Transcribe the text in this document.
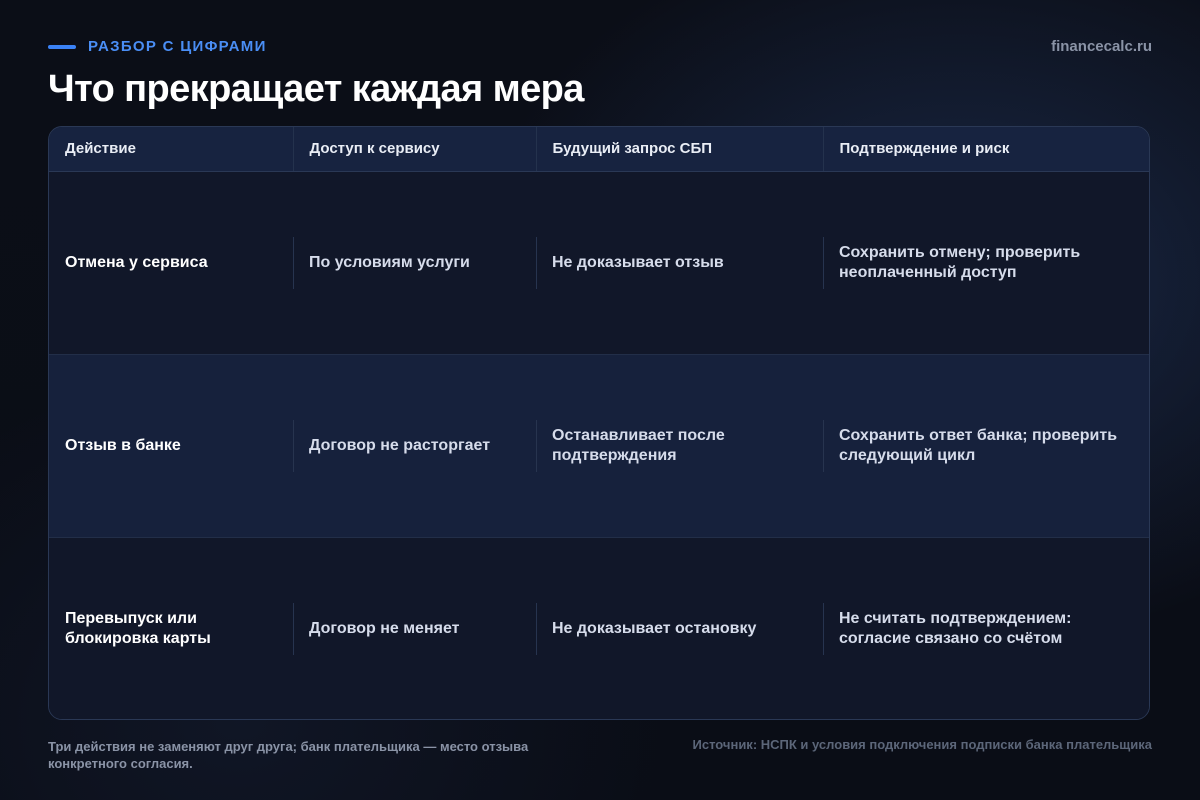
РАЗБОР С ЦИФРАМИ	financecalc.ru
Что прекращает каждая мера
Действие	Доступ к сервису	Будущий запрос СБП	Подтверждение и риск
Отмена у сервиса	По условиям услуги	Не доказывает отзыв	Сохранить отмену; проверить неоплаченный доступ
Отзыв в банке	Договор не расторгает	Останавливает после подтверждения	Сохранить ответ банка; проверить следующий цикл
Перевыпуск или блокировка карты	Договор не меняет	Не доказывает остановку	Не считать подтверждением: согласие связано со счётом

Три действия не заменяют друг друга; банк плательщика — место отзыва конкретного согласия.

Источник: НСПК и условия подключения подписки банка плательщика
